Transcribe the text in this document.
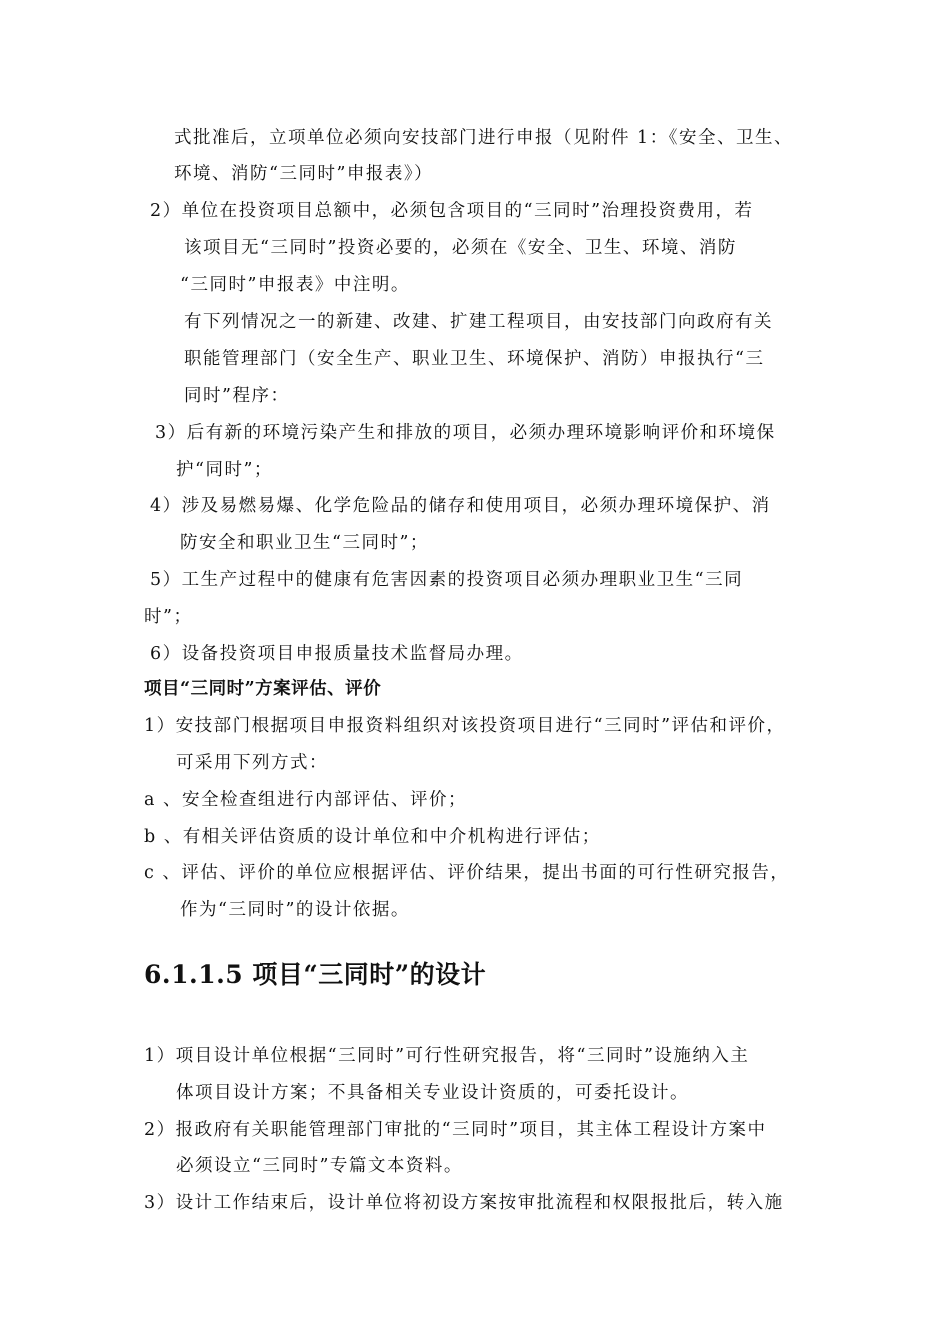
式批准后，立项单位必须向安技部门进行申报（见附件 1：《安全、卫生、
环境、消防“三同时”申报表》）
2）单位在投资项目总额中，必须包含项目的“三同时”治理投资费用，若
该项目无“三同时”投资必要的，必须在《安全、卫生、环境、消防
“三同时”申报表》中注明。
有下列情况之一的新建、改建、扩建工程项目，由安技部门向政府有关
职能管理部门（安全生产、职业卫生、环境保护、消防）申报执行“三
同时”程序：
3）后有新的环境污染产生和排放的项目，必须办理环境影响评价和环境保
护“同时”；
4）涉及易燃易爆、化学危险品的储存和使用项目，必须办理环境保护、消
防安全和职业卫生“三同时”；
5）工生产过程中的健康有危害因素的投资项目必须办理职业卫生“三同
时”；
6）设备投资项目申报质量技术监督局办理。
项目“三同时”方案评估、评价
1）安技部门根据项目申报资料组织对该投资项目进行“三同时”评估和评价，
可采用下列方式：
a 、安全检查组进行内部评估、评价；
b 、有相关评估资质的设计单位和中介机构进行评估；
c 、评估、评价的单位应根据评估、评价结果，提出书面的可行性研究报告，
作为“三同时”的设计依据。
6.1.1.5 项目“三同时”的设计
1）项目设计单位根据“三同时”可行性研究报告，将“三同时”设施纳入主
体项目设计方案；不具备相关专业设计资质的，可委托设计。
2）报政府有关职能管理部门审批的“三同时”项目，其主体工程设计方案中
必须设立“三同时”专篇文本资料。
3）设计工作结束后，设计单位将初设方案按审批流程和权限报批后，转入施
